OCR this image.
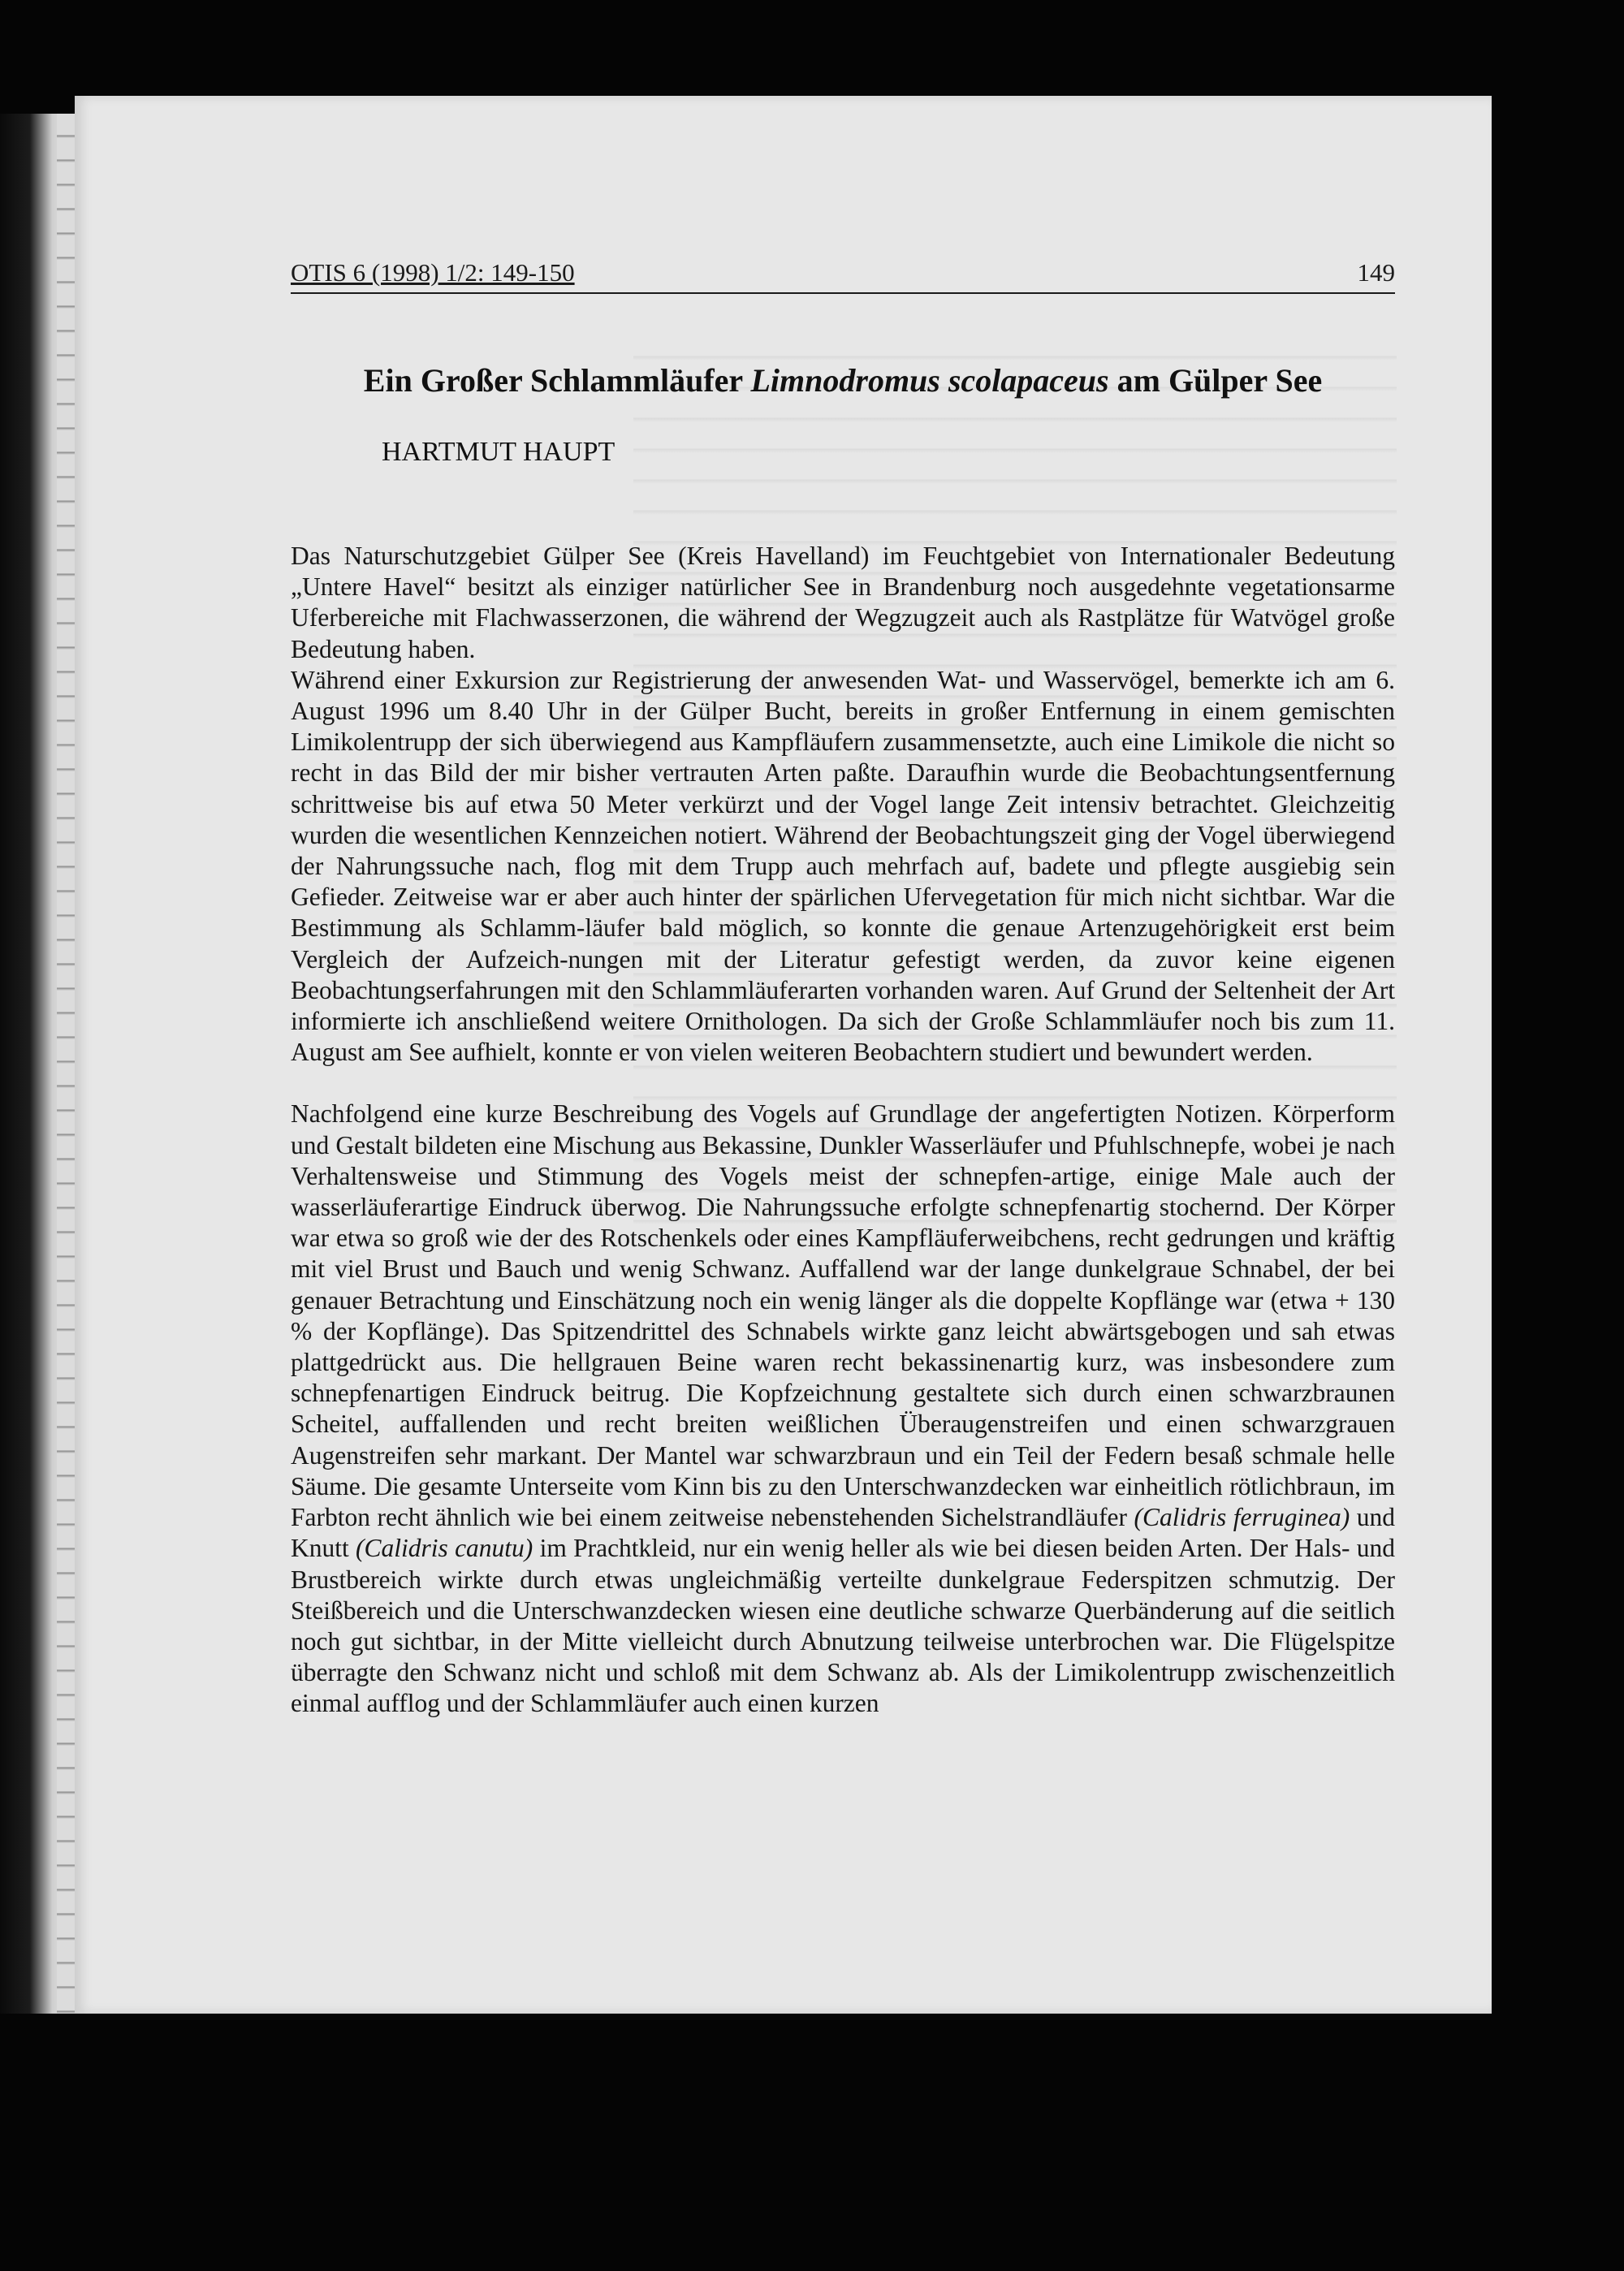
OTIS 6 (1998) 1/2: 149-150	149
Ein Großer Schlammläufer Limnodromus scolapaceus am Gülper See
HARTMUT HAUPT

Das Naturschutzgebiet Gülper See (Kreis Havelland) im Feuchtgebiet von Internationaler Bedeutung „Untere Havel“ besitzt als einziger natürlicher See in Brandenburg noch ausgedehnte vegetationsarme Uferbereiche mit Flachwasserzonen, die während der Wegzugzeit auch als Rastplätze für Watvögel große Bedeutung haben.

Während einer Exkursion zur Registrierung der anwesenden Wat- und Wasservögel, bemerkte ich am 6. August 1996 um 8.40 Uhr in der Gülper Bucht, bereits in großer Entfernung in einem gemischten Limikolentrupp der sich überwiegend aus Kampfläufern zusammensetzte, auch eine Limikole die nicht so recht in das Bild der mir bisher vertrauten Arten paßte. Daraufhin wurde die Beobachtungsentfernung schrittweise bis auf etwa 50 Meter verkürzt und der Vogel lange Zeit intensiv betrachtet. Gleichzeitig wurden die wesentlichen Kennzeichen notiert. Während der Beobachtungszeit ging der Vogel überwiegend der Nahrungssuche nach, flog mit dem Trupp auch mehrfach auf, badete und pflegte ausgiebig sein Gefieder. Zeitweise war er aber auch hinter der spärlichen Ufervegetation für mich nicht sichtbar. War die Bestimmung als Schlamm-läufer bald möglich, so konnte die genaue Artenzugehörigkeit erst beim Vergleich der Aufzeich-nungen mit der Literatur gefestigt werden, da zuvor keine eigenen Beobachtungserfahrungen mit den Schlammläuferarten vorhanden waren. Auf Grund der Seltenheit der Art informierte ich anschließend weitere Ornithologen. Da sich der Große Schlammläufer noch bis zum 11. August am See aufhielt, konnte er von vielen weiteren Beobachtern studiert und bewundert werden.

Nachfolgend eine kurze Beschreibung des Vogels auf Grundlage der angefertigten Notizen. Körperform und Gestalt bildeten eine Mischung aus Bekassine, Dunkler Wasserläufer und Pfuhlschnepfe, wobei je nach Verhaltensweise und Stimmung des Vogels meist der schnepfen-artige, einige Male auch der wasserläuferartige Eindruck überwog. Die Nahrungssuche erfolgte schnepfenartig stochernd. Der Körper war etwa so groß wie der des Rotschenkels oder eines Kampfläuferweibchens, recht gedrungen und kräftig mit viel Brust und Bauch und wenig Schwanz. Auffallend war der lange dunkelgraue Schnabel, der bei genauer Betrachtung und Einschätzung noch ein wenig länger als die doppelte Kopflänge war (etwa + 130 % der Kopflänge). Das Spitzendrittel des Schnabels wirkte ganz leicht abwärtsgebogen und sah etwas plattgedrückt aus. Die hellgrauen Beine waren recht bekassinenartig kurz, was insbesondere zum schnepfenartigen Eindruck beitrug. Die Kopfzeichnung gestaltete sich durch einen schwarzbraunen Scheitel, auffallenden und recht breiten weißlichen Überaugenstreifen und einen schwarzgrauen Augenstreifen sehr markant. Der Mantel war schwarzbraun und ein Teil der Federn besaß schmale helle Säume. Die gesamte Unterseite vom Kinn bis zu den Unterschwanzdecken war einheitlich rötlichbraun, im Farbton recht ähnlich wie bei einem zeitweise nebenstehenden Sichelstrandläufer (Calidris ferruginea) und Knutt (Calidris canutu) im Prachtkleid, nur ein wenig heller als wie bei diesen beiden Arten. Der Hals- und Brustbereich wirkte durch etwas ungleichmäßig verteilte dunkelgraue Federspitzen schmutzig. Der Steißbereich und die Unterschwanzdecken wiesen eine deutliche schwarze Querbänderung auf die seitlich noch gut sichtbar, in der Mitte vielleicht durch Abnutzung teilweise unterbrochen war. Die Flügelspitze überragte den Schwanz nicht und schloß mit dem Schwanz ab. Als der Limikolentrupp zwischenzeitlich einmal aufflog und der Schlammläufer auch einen kurzen
